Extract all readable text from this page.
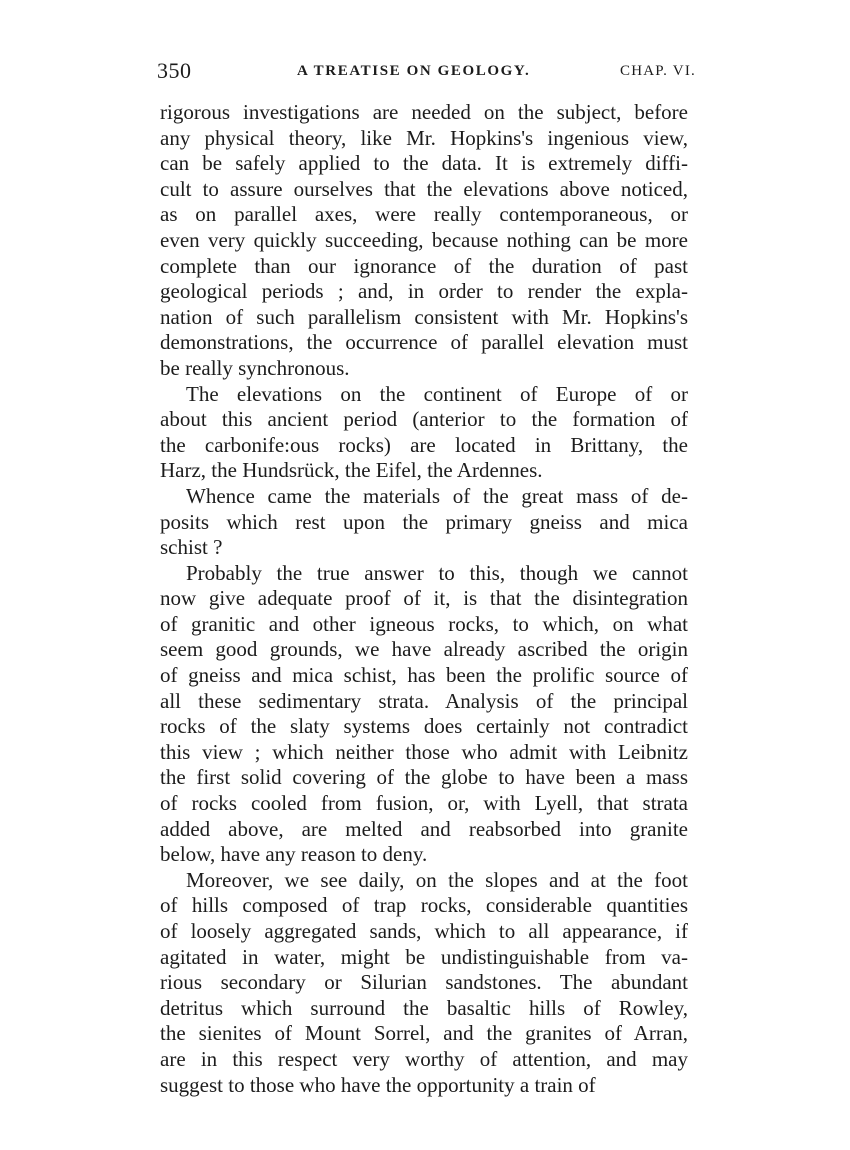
350	A TREATISE ON GEOLOGY.	CHAP. VI.
rigorous investigations are needed on the subject, before
any physical theory, like Mr. Hopkins's ingenious view,
can be safely applied to the data. It is extremely diffi-
cult to assure ourselves that the elevations above noticed,
as on parallel axes, were really contemporaneous, or
even very quickly succeeding, because nothing can be more
complete than our ignorance of the duration of past
geological periods ; and, in order to render the expla-
nation of such parallelism consistent with Mr. Hopkins's
demonstrations, the occurrence of parallel elevation must
be really synchronous.
The elevations on the continent of Europe of or
about this ancient period (anterior to the formation of
the carbonife:ous rocks) are located in Brittany, the
Harz, the Hundsrück, the Eifel, the Ardennes.
Whence came the materials of the great mass of de-
posits which rest upon the primary gneiss and mica
schist ?
Probably the true answer to this, though we cannot
now give adequate proof of it, is that the disintegration
of granitic and other igneous rocks, to which, on what
seem good grounds, we have already ascribed the origin
of gneiss and mica schist, has been the prolific source of
all these sedimentary strata. Analysis of the principal
rocks of the slaty systems does certainly not contradict
this view ; which neither those who admit with Leibnitz
the first solid covering of the globe to have been a mass
of rocks cooled from fusion, or, with Lyell, that strata
added above, are melted and reabsorbed into granite
below, have any reason to deny.
Moreover, we see daily, on the slopes and at the foot
of hills composed of trap rocks, considerable quantities
of loosely aggregated sands, which to all appearance, if
agitated in water, might be undistinguishable from va-
rious secondary or Silurian sandstones. The abundant
detritus which surround the basaltic hills of Rowley,
the sienites of Mount Sorrel, and the granites of Arran,
are in this respect very worthy of attention, and may
suggest to those who have the opportunity a train of
